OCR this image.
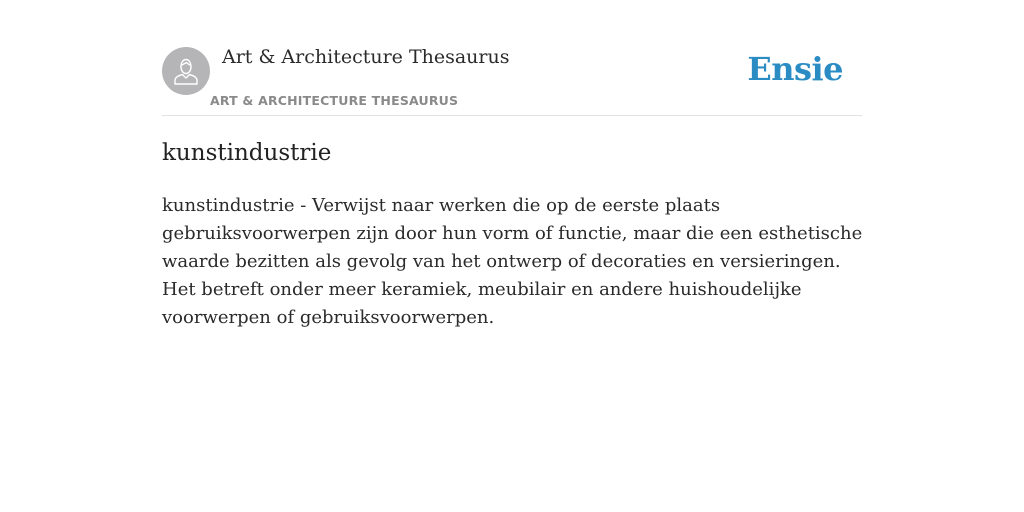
Art & Architecture Thesaurus
ART & ARCHITECTURE THESAURUS
Ensie
kunstindustrie

kunstindustrie - Verwijst naar werken die op de eerste plaats gebruiksvoorwerpen zijn door hun vorm of functie, maar die een esthetische waarde bezitten als gevolg van het ontwerp of decoraties en versieringen. Het betreft onder meer keramiek, meubilair en andere huishoudelijke voorwerpen of gebruiksvoorwerpen.
